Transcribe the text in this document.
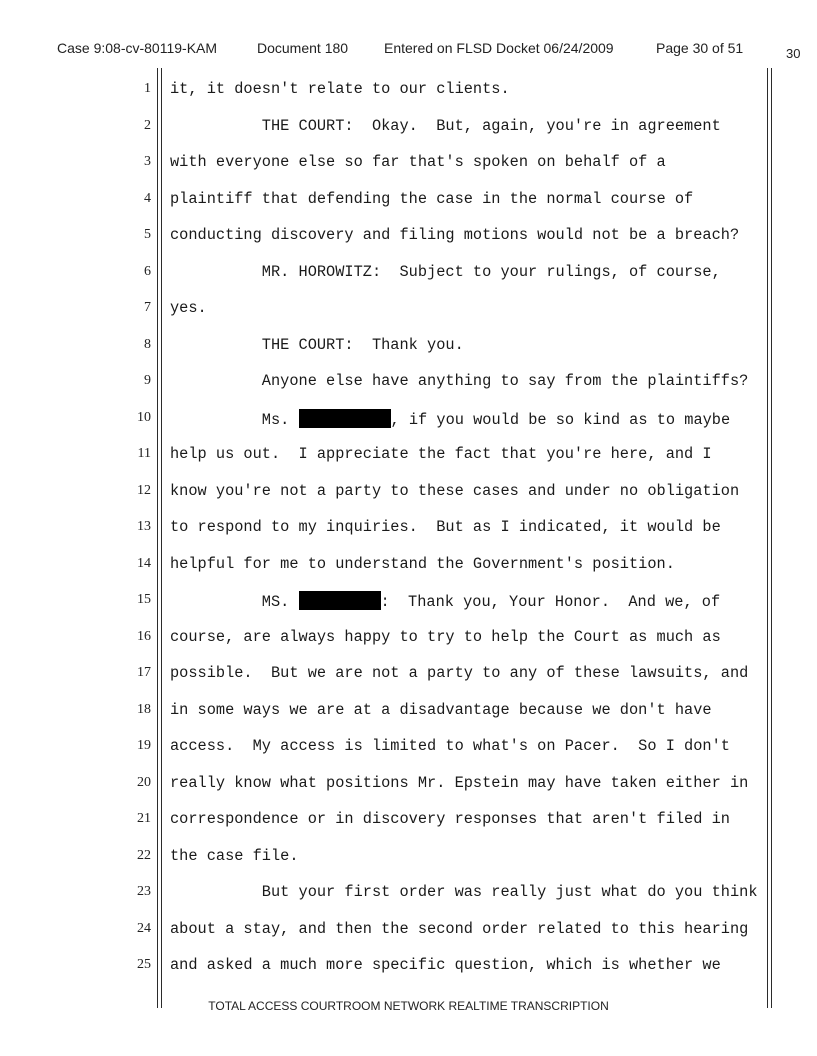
Case 9:08-cv-80119-KAM	Document 180	Entered on FLSD Docket 06/24/2009	Page 30 of 51	30
1 it, it doesn't relate to our clients.
2 THE COURT:  Okay.  But, again, you're in agreement
3 with everyone else so far that's spoken on behalf of a
4 plaintiff that defending the case in the normal course of
5 conducting discovery and filing motions would not be a breach?
6 MR. HOROWITZ:  Subject to your rulings, of course,
7 yes.
8 THE COURT:  Thank you.
9 Anyone else have anything to say from the plaintiffs?
10 Ms.	, if you would be so kind as to maybe
11 help us out.  I appreciate the fact that you're here, and I
12 know you're not a party to these cases and under no obligation
13 to respond to my inquiries.  But as I indicated, it would be
14 helpful for me to understand the Government's position.
15 MS.	:  Thank you, Your Honor.  And we, of
16 course, are always happy to try to help the Court as much as
17 possible.  But we are not a party to any of these lawsuits, and
18 in some ways we are at a disadvantage because we don't have
19 access.  My access is limited to what's on Pacer.  So I don't
20 really know what positions Mr. Epstein may have taken either in
21 correspondence or in discovery responses that aren't filed in
22 the case file.
23 But your first order was really just what do you think
24 about a stay, and then the second order related to this hearing
25 and asked a much more specific question, which is whether we
TOTAL ACCESS COURTROOM NETWORK REALTIME TRANSCRIPTION
